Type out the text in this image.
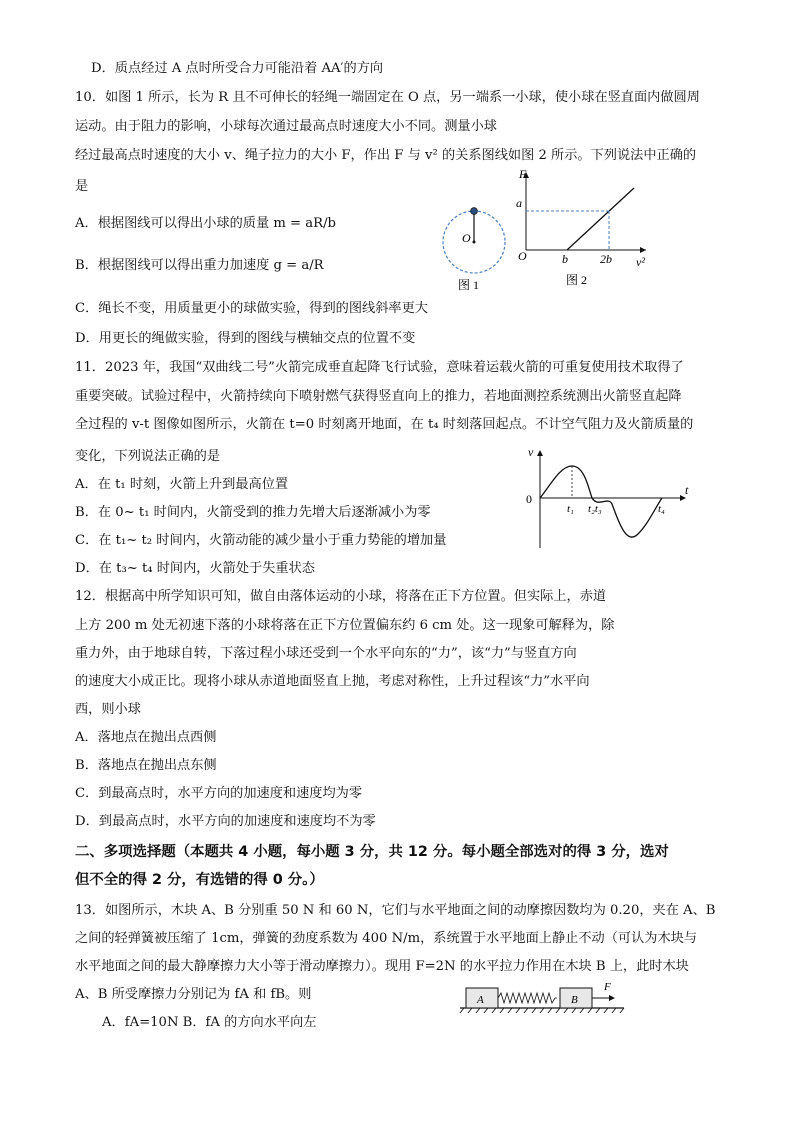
D．质点经过 A 点时所受合力可能沿着 AA′的方向
10．如图 1 所示，长为 R 且不可伸长的轻绳一端固定在 O 点，另一端系一小球，使小球在竖直面内做圆周
运动。由于阻力的影响，小球每次通过最高点时速度大小不同。测量小球
经过最高点时速度的大小 v、绳子拉力的大小 F，作出 F 与 v² 的关系图线如图 2 所示。下列说法中正确的
是
A．根据图线可以得出小球的质量 m = aR/b
B．根据图线可以得出重力加速度 g = a/R
C．绳长不变，用质量更小的球做实验，得到的图线斜率更大
D．用更长的绳做实验，得到的图线与横轴交点的位置不变
11．2023 年，我国“双曲线二号”火箭完成垂直起降飞行试验，意味着运载火箭的可重复使用技术取得了
重要突破。试验过程中，火箭持续向下喷射燃气获得竖直向上的推力，若地面测控系统测出火箭竖直起降
全过程的 v-t 图像如图所示，火箭在 t=0 时刻离开地面，在 t₄ 时刻落回起点。不计空气阻力及火箭质量的
变化，下列说法正确的是
A．在 t₁ 时刻，火箭上升到最高位置
B．在 0~ t₁ 时间内，火箭受到的推力先增大后逐渐减小为零
C．在 t₁~ t₂ 时间内，火箭动能的减少量小于重力势能的增加量
D．在 t₃~ t₄ 时间内，火箭处于失重状态
12．根据高中所学知识可知，做自由落体运动的小球，将落在正下方位置。但实际上，赤道
上方 200 m 处无初速下落的小球将落在正下方位置偏东约 6 cm 处。这一现象可解释为，除
重力外，由于地球自转，下落过程小球还受到一个水平向东的“力”，该“力”与竖直方向
的速度大小成正比。现将小球从赤道地面竖直上抛，考虑对称性，上升过程该“力”水平向
西，则小球
A．落地点在抛出点西侧
B．落地点在抛出点东侧
C．到最高点时，水平方向的加速度和速度均为零
D．到最高点时，水平方向的加速度和速度均不为零
二、多项选择题（本题共 4 小题，每小题 3 分，共 12 分。每小题全部选对的得 3 分，选对
但不全的得 2 分，有选错的得 0 分。）
13．如图所示，木块 A、B 分别重 50 N 和 60 N，它们与水平地面之间的动摩擦因数均为 0.20，夹在 A、B
之间的轻弹簧被压缩了 1cm，弹簧的劲度系数为 400 N/m，系统置于水平地面上静止不动（可认为木块与
水平地面之间的最大静摩擦力大小等于滑动摩擦力）。现用 F=2N 的水平拉力作用在木块 B 上，此时木块
A、B 所受摩擦力分别记为 fA 和 fB。则
A．fA=10N B．fA 的方向水平向左
O
图 1
F
a
O	b	2b v²
图 2
v
0
t
t₁ t₂t₃	t₄
A	B
F
